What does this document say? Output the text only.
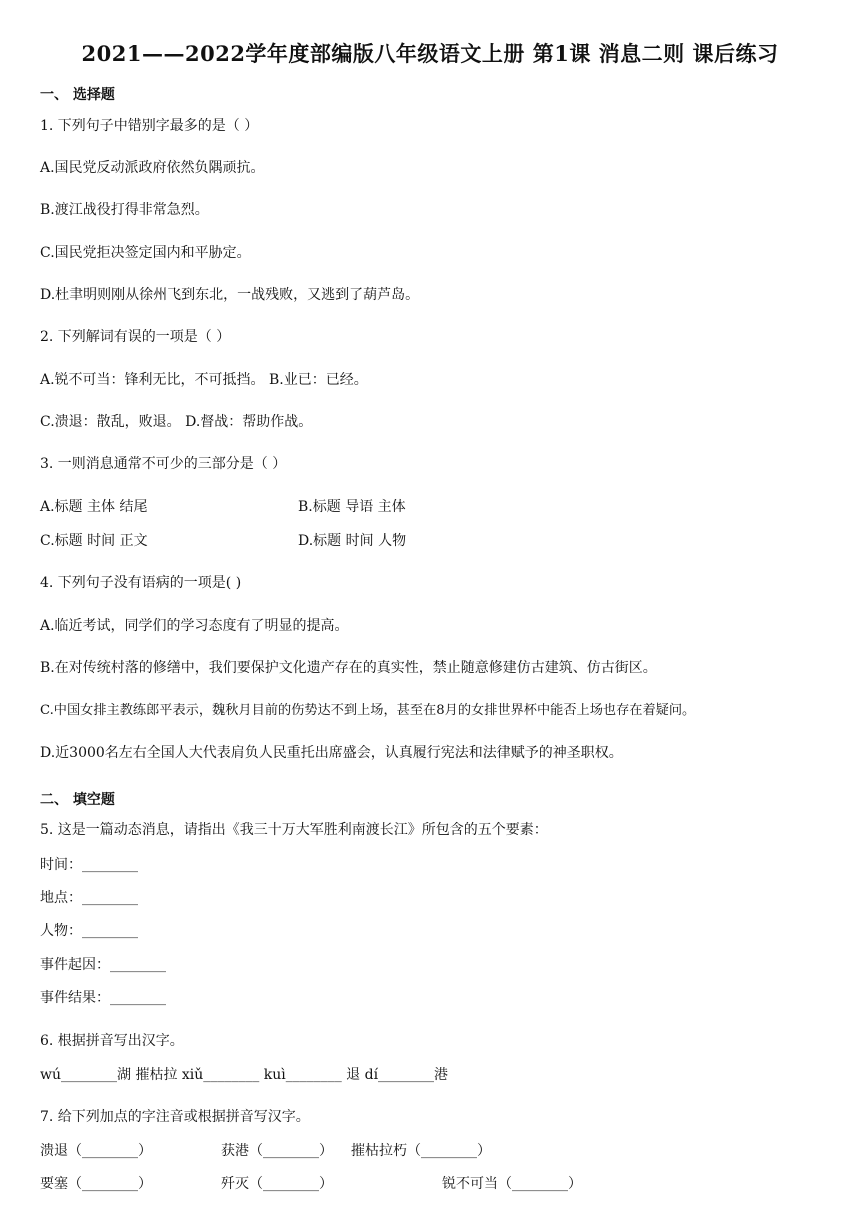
2021——2022学年度部编版八年级语文上册 第1课 消息二则 课后练习
一、 选择题
1. 下列句子中错别字最多的是（ ）
A.国民党反动派政府依然负隅顽抗。
B.渡江战役打得非常急烈。
C.国民党拒决签定国内和平胁定。
D.杜聿明则刚从徐州飞到东北，一战残败，又逃到了葫芦岛。
2. 下列解词有误的一项是（ ）
A.锐不可当：锋利无比，不可抵挡。 B.业已：已经。
C.溃退：散乱，败退。 D.督战：帮助作战。
3. 一则消息通常不可少的三部分是（ ）
A.标题 主体 结尾	B.标题 导语 主体
C.标题 时间 正文	D.标题 时间 人物
4. 下列句子没有语病的一项是( )
A.临近考试，同学们的学习态度有了明显的提高。
B.在对传统村落的修缮中，我们要保护文化遗产存在的真实性，禁止随意修建仿古建筑、仿古街区。
C.中国女排主教练郎平表示，魏秋月目前的伤势达不到上场，甚至在8月的女排世界杯中能否上场也存在着疑问。
D.近3000名左右全国人大代表肩负人民重托出席盛会，认真履行宪法和法律赋予的神圣职权。
二、 填空题
5. 这是一篇动态消息，请指出《我三十万大军胜利南渡长江》所包含的五个要素：
时间：________
地点：________
人物：________
事件起因：________
事件结果：________
6. 根据拼音写出汉字。
wú________湖 摧枯拉 xiǔ________ kuì________ 退 dí________港
7. 给下列加点的字注音或根据拼音写汉字。
溃退（________）	获港（________） 摧枯拉朽（________）
要塞（________）	歼灭（________）	锐不可当（________）
